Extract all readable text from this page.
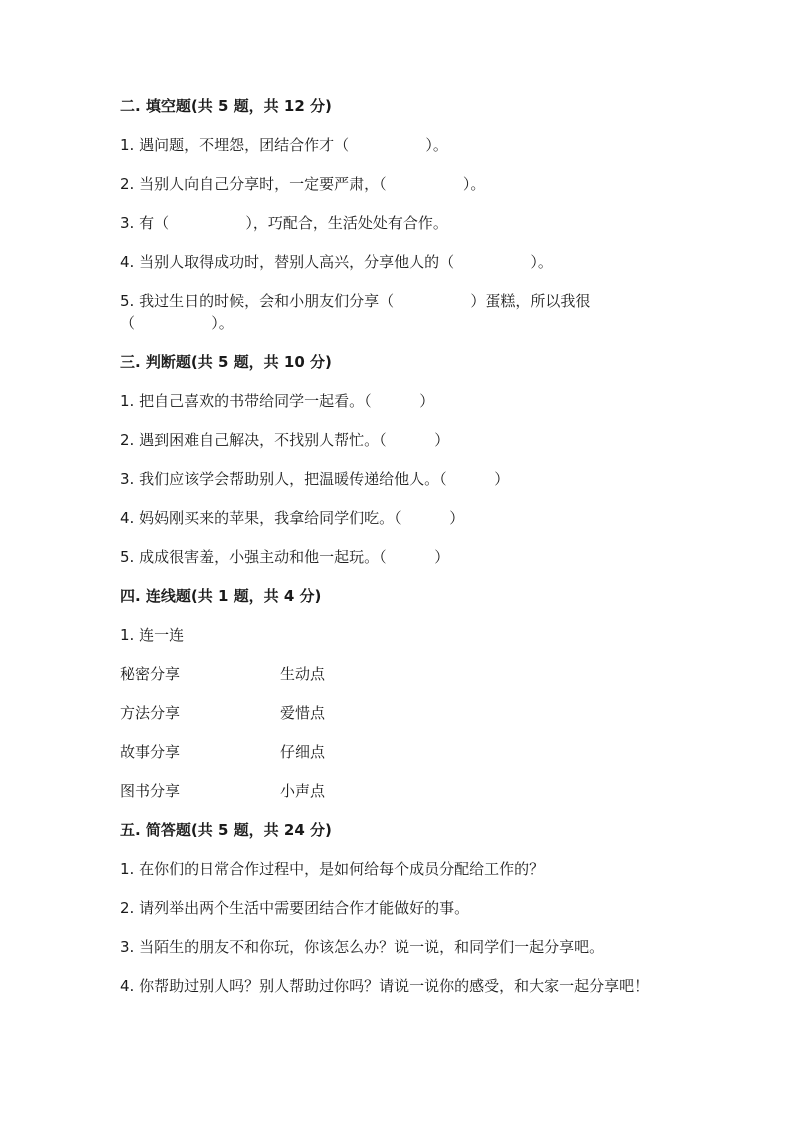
二. 填空题(共 5 题，共 12 分)
1. 遇问题，不埋怨，团结合作才（                ）。
2. 当别人向自己分享时，一定要严肃，（                ）。
3. 有（                ），巧配合，生活处处有合作。
4. 当别人取得成功时，替别人高兴，分享他人的（                ）。
5. 我过生日的时候，会和小朋友们分享（                ）蛋糕，所以我很
（                ）。
三. 判断题(共 5 题，共 10 分)
1. 把自己喜欢的书带给同学一起看。（          ）
2. 遇到困难自己解决，不找别人帮忙。（          ）
3. 我们应该学会帮助别人，把温暖传递给他人。（          ）
4. 妈妈刚买来的苹果，我拿给同学们吃。（          ）
5. 成成很害羞，小强主动和他一起玩。（          ）
四. 连线题(共 1 题，共 4 分)
1. 连一连
秘密分享	生动点
方法分享	爱惜点
故事分享	仔细点
图书分享	小声点
五. 简答题(共 5 题，共 24 分)
1. 在你们的日常合作过程中，是如何给每个成员分配给工作的？
2. 请列举出两个生活中需要团结合作才能做好的事。
3. 当陌生的朋友不和你玩，你该怎么办？说一说，和同学们一起分享吧。
4. 你帮助过别人吗？别人帮助过你吗？请说一说你的感受，和大家一起分享吧！
